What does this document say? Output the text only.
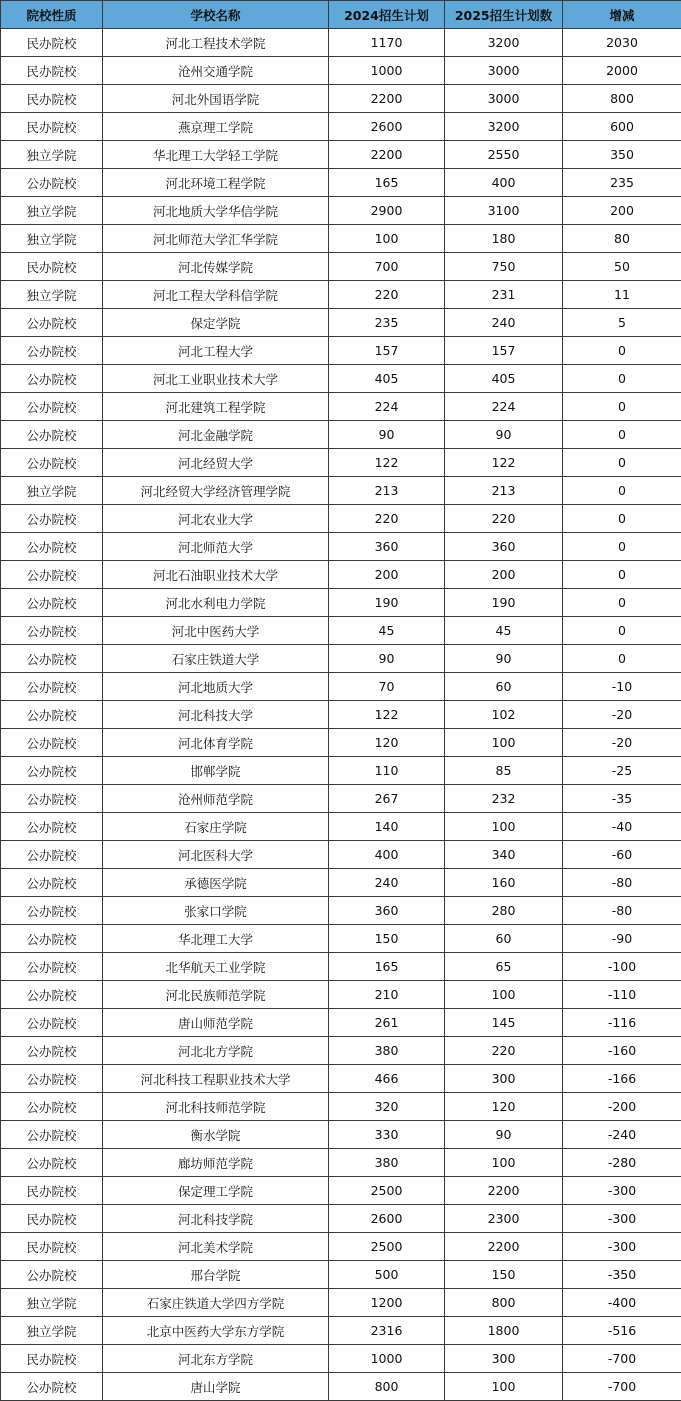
院校性质	学校名称	2024招生计划	2025招生计划数	增减
民办院校	河北工程技术学院	1170	3200	2030
民办院校	沧州交通学院	1000	3000	2000
民办院校	河北外国语学院	2200	3000	800
民办院校	燕京理工学院	2600	3200	600
独立学院	华北理工大学轻工学院	2200	2550	350
公办院校	河北环境工程学院	165	400	235
独立学院	河北地质大学华信学院	2900	3100	200
独立学院	河北师范大学汇华学院	100	180	80
民办院校	河北传媒学院	700	750	50
独立学院	河北工程大学科信学院	220	231	11
公办院校	保定学院	235	240	5
公办院校	河北工程大学	157	157	0
公办院校	河北工业职业技术大学	405	405	0
公办院校	河北建筑工程学院	224	224	0
公办院校	河北金融学院	90	90	0
公办院校	河北经贸大学	122	122	0
独立学院	河北经贸大学经济管理学院	213	213	0
公办院校	河北农业大学	220	220	0
公办院校	河北师范大学	360	360	0
公办院校	河北石油职业技术大学	200	200	0
公办院校	河北水利电力学院	190	190	0
公办院校	河北中医药大学	45	45	0
公办院校	石家庄铁道大学	90	90	0
公办院校	河北地质大学	70	60	-10
公办院校	河北科技大学	122	102	-20
公办院校	河北体育学院	120	100	-20
公办院校	邯郸学院	110	85	-25
公办院校	沧州师范学院	267	232	-35
公办院校	石家庄学院	140	100	-40
公办院校	河北医科大学	400	340	-60
公办院校	承德医学院	240	160	-80
公办院校	张家口学院	360	280	-80
公办院校	华北理工大学	150	60	-90
公办院校	北华航天工业学院	165	65	-100
公办院校	河北民族师范学院	210	100	-110
公办院校	唐山师范学院	261	145	-116
公办院校	河北北方学院	380	220	-160
公办院校	河北科技工程职业技术大学	466	300	-166
公办院校	河北科技师范学院	320	120	-200
公办院校	衡水学院	330	90	-240
公办院校	廊坊师范学院	380	100	-280
民办院校	保定理工学院	2500	2200	-300
民办院校	河北科技学院	2600	2300	-300
民办院校	河北美术学院	2500	2200	-300
公办院校	邢台学院	500	150	-350
独立学院	石家庄铁道大学四方学院	1200	800	-400
独立学院	北京中医药大学东方学院	2316	1800	-516
民办院校	河北东方学院	1000	300	-700
公办院校	唐山学院	800	100	-700
